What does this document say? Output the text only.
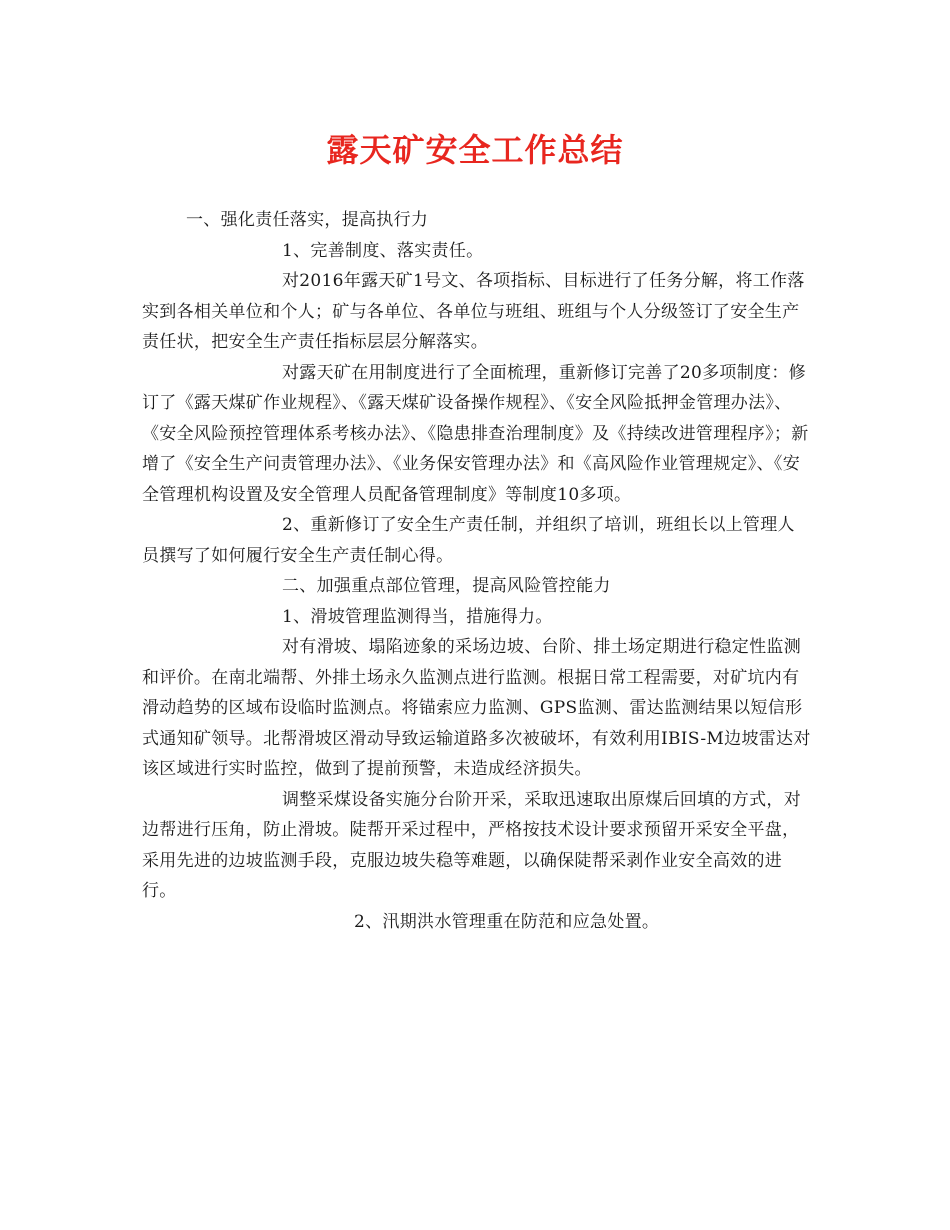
露天矿安全工作总结

一、强化责任落实，提高执行力

1、完善制度、落实责任。

对2016年露天矿1号文、各项指标、目标进行了任务分解，将工作落实到各相关单位和个人；矿与各单位、各单位与班组、班组与个人分级签订了安全生产责任状，把安全生产责任指标层层分解落实。

对露天矿在用制度进行了全面梳理，重新修订完善了20多项制度：修订了《露天煤矿作业规程》、《露天煤矿设备操作规程》、《安全风险抵押金管理办法》、《安全风险预控管理体系考核办法》、《隐患排查治理制度》及《持续改进管理程序》；新增了《安全生产问责管理办法》、《业务保安管理办法》和《高风险作业管理规定》、《安全管理机构设置及安全管理人员配备管理制度》等制度10多项。

2、重新修订了安全生产责任制，并组织了培训，班组长以上管理人员撰写了如何履行安全生产责任制心得。

二、加强重点部位管理，提高风险管控能力

1、滑坡管理监测得当，措施得力。

对有滑坡、塌陷迹象的采场边坡、台阶、排土场定期进行稳定性监测和评价。在南北端帮、外排土场永久监测点进行监测。根据日常工程需要，对矿坑内有滑动趋势的区域布设临时监测点。将锚索应力监测、GPS监测、雷达监测结果以短信形式通知矿领导。北帮滑坡区滑动导致运输道路多次被破坏，有效利用IBIS-M边坡雷达对该区域进行实时监控，做到了提前预警，未造成经济损失。

调整采煤设备实施分台阶开采，采取迅速取出原煤后回填的方式，对边帮进行压角，防止滑坡。陡帮开采过程中，严格按技术设计要求预留开采安全平盘，采用先进的边坡监测手段，克服边坡失稳等难题，以确保陡帮采剥作业安全高效的进行。

2、汛期洪水管理重在防范和应急处置。
